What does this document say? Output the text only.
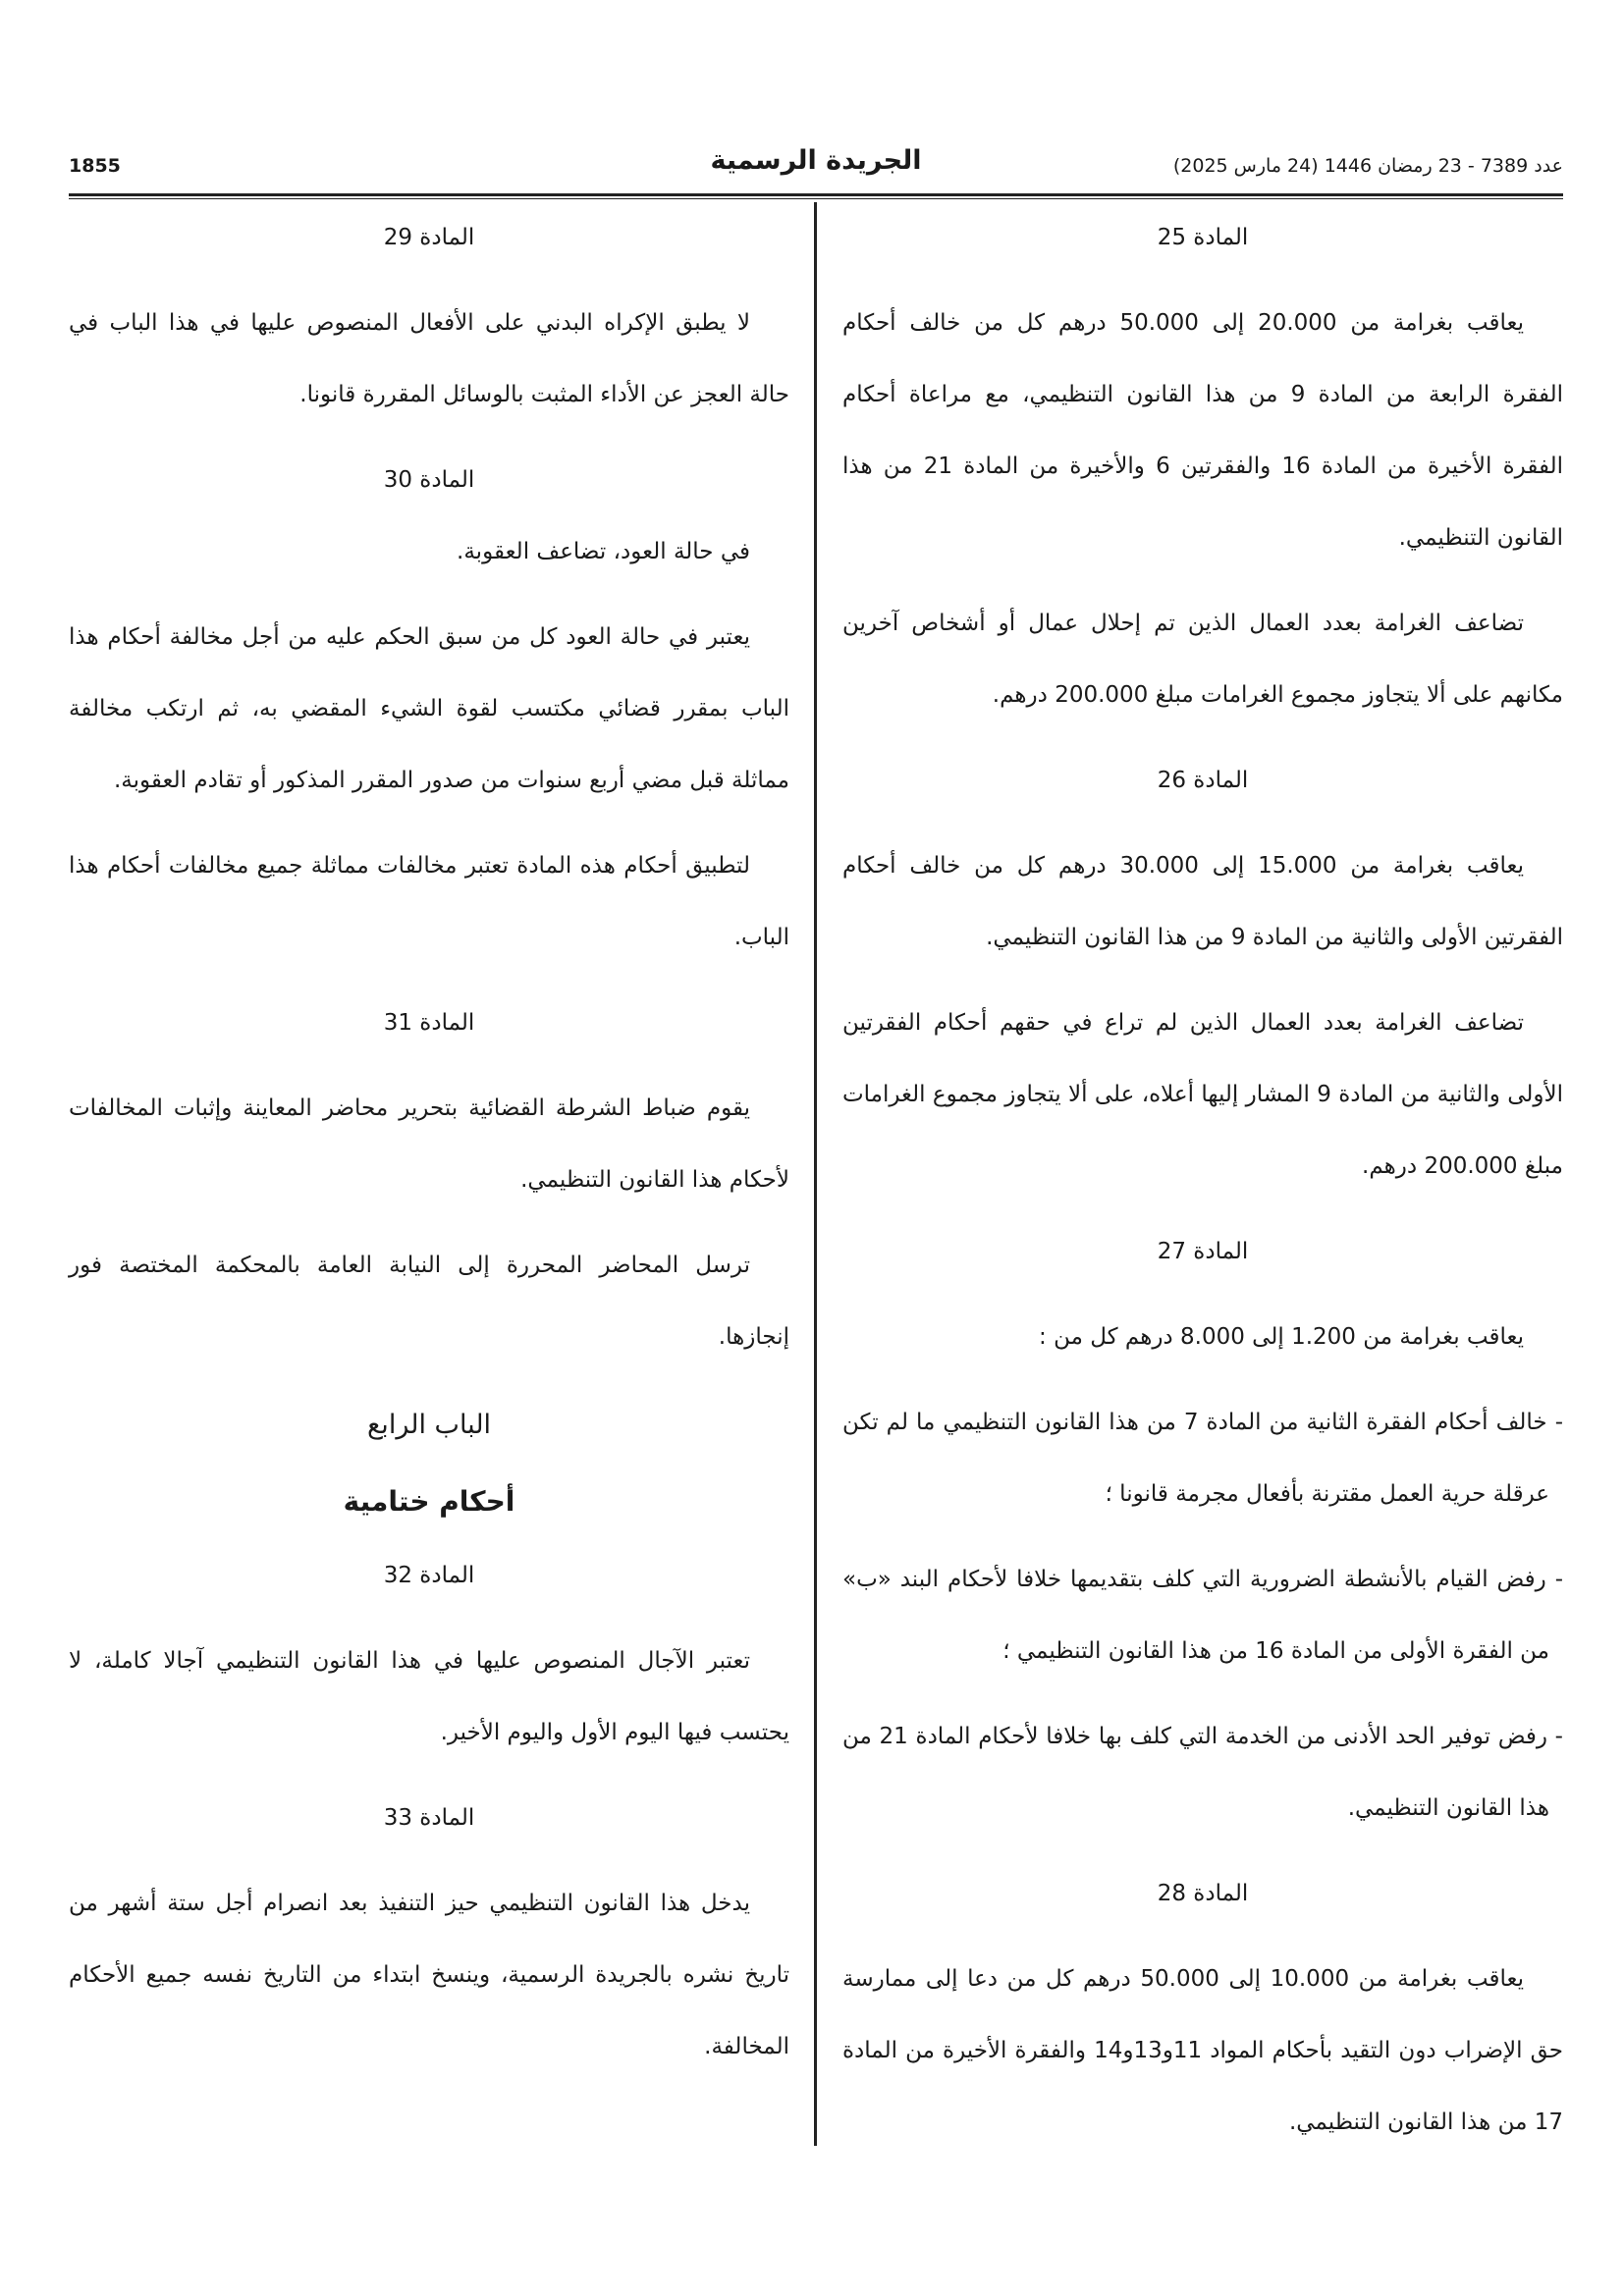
عدد 7389 - 23 رمضان 1446 (24 مارس 2025)
الجريدة الرسمية
1855
المادة 25

يعاقب بغرامة من 20.000 إلى 50.000 درهم كل من خالف أحكام الفقرة الرابعة من المادة 9 من هذا القانون التنظيمي، مع مراعاة أحكام الفقرة الأخيرة من المادة 16 والفقرتين 6 والأخيرة من المادة 21 من هذا القانون التنظيمي.

تضاعف الغرامة بعدد العمال الذين تم إحلال عمال أو أشخاص آخرين مكانهم على ألا يتجاوز مجموع الغرامات مبلغ 200.000 درهم.

المادة 26

يعاقب بغرامة من 15.000 إلى 30.000 درهم كل من خالف أحكام الفقرتين الأولى والثانية من المادة 9 من هذا القانون التنظيمي.

تضاعف الغرامة بعدد العمال الذين لم تراع في حقهم أحكام الفقرتين الأولى والثانية من المادة 9 المشار إليها أعلاه، على ألا يتجاوز مجموع الغرامات مبلغ 200.000 درهم.

المادة 27

يعاقب بغرامة من 1.200 إلى 8.000 درهم كل من :

- خالف أحكام الفقرة الثانية من المادة 7 من هذا القانون التنظيمي ما لم تكن عرقلة حرية العمل مقترنة بأفعال مجرمة قانونا ؛

- رفض القيام بالأنشطة الضرورية التي كلف بتقديمها خلافا لأحكام البند «ب» من الفقرة الأولى من المادة 16 من هذا القانون التنظيمي ؛

- رفض توفير الحد الأدنى من الخدمة التي كلف بها خلافا لأحكام المادة 21 من هذا القانون التنظيمي.

المادة 28

يعاقب بغرامة من 10.000 إلى 50.000 درهم كل من دعا إلى ممارسة حق الإضراب دون التقيد بأحكام المواد 11و13و14 والفقرة الأخيرة من المادة 17 من هذا القانون التنظيمي.

المادة 29

لا يطبق الإكراه البدني على الأفعال المنصوص عليها في هذا الباب في حالة العجز عن الأداء المثبت بالوسائل المقررة قانونا.

المادة 30

في حالة العود، تضاعف العقوبة.

يعتبر في حالة العود كل من سبق الحكم عليه من أجل مخالفة أحكام هذا الباب بمقرر قضائي مكتسب لقوة الشيء المقضي به، ثم ارتكب مخالفة مماثلة قبل مضي أربع سنوات من صدور المقرر المذكور أو تقادم العقوبة.

لتطبيق أحكام هذه المادة تعتبر مخالفات مماثلة جميع مخالفات أحكام هذا الباب.

المادة 31

يقوم ضباط الشرطة القضائية بتحرير محاضر المعاينة وإثبات المخالفات لأحكام هذا القانون التنظيمي.

ترسل المحاضر المحررة إلى النيابة العامة بالمحكمة المختصة فور إنجازها.

الباب الرابع
أحكام ختامية
المادة 32

تعتبر الآجال المنصوص عليها في هذا القانون التنظيمي آجالا كاملة، لا يحتسب فيها اليوم الأول واليوم الأخير.

المادة 33

يدخل هذا القانون التنظيمي حيز التنفيذ بعد انصرام أجل ستة أشهر من تاريخ نشره بالجريدة الرسمية، وينسخ ابتداء من التاريخ نفسه جميع الأحكام المخالفة.
